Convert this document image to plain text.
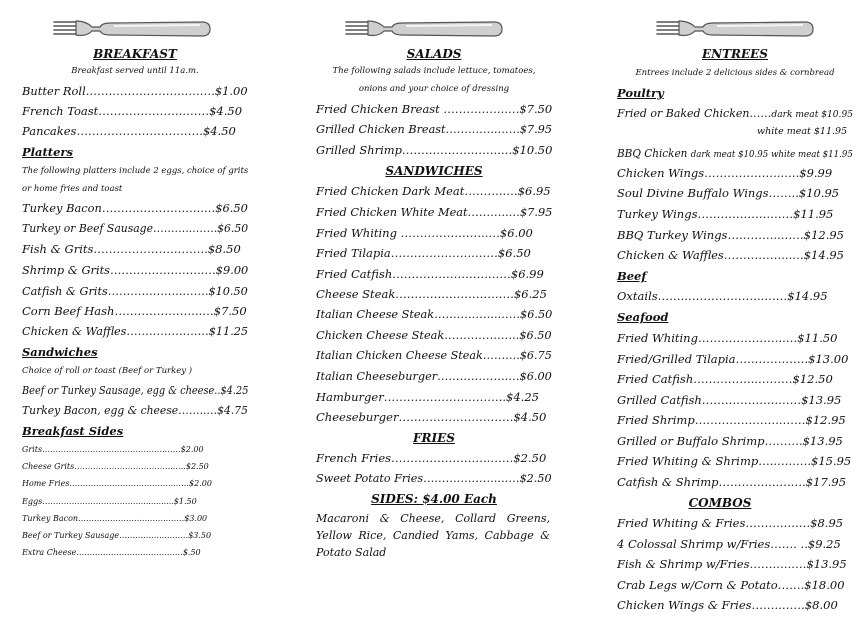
BREAKFAST
Breakfast served until 11a.m.
Butter Roll.……………………..…….$1.00
French Toast…………………..……$4.50
Pancakes……………………………$4.50
Platters
The following platters include 2 eggs, choice of grits
or home fries and toast
Turkey Bacon……….……………..…$6.50
Turkey or Beef Sausage………..…….$6.50
Fish & Grits………………….……..$8.50
Shrimp & Grits…………………….…$9.00
Catfish & Grits………………..…….$10.50
Corn Beef Hash…………………..…$7.50
Chicken & Waffles……………….…$11.25
Sandwiches
Choice of roll or toast (Beef or Turkey )
Beef or Turkey Sausage, egg & cheese..$4.25
Turkey Bacon, egg & cheese……..…$4.75
Breakfast Sides
Grits……………………………………….……$2.00
Cheese Grits………………………………..….$2.50
Home Fries……………………….………..……$2.00
Eggs………………………………..............$1.50
Turkey Bacon……………………..……..……$3.00
Beef or Turkey Sausage……………..………$3.50
Extra Cheese……………………….…………$.50
SALADS
The following salads include lettuce, tomatoes,
onions and your choice of dressing
Fried Chicken Breast ……………..…$7.50
Grilled Chicken Breast…………..……$7.95
Grilled Shrimp……………………..…$10.50
SANDWICHES
Fried Chicken Dark Meat………..…$6.95
Fried Chicken White Meat………..…$7.95
Fried Whiting …………………..…$6.00
Fried Tilapia………………….……$6.50
Fried Catfish…………………….……$6.99
Cheese Steak……………………….…$6.25
Italian Cheese Steak……………..……$6.50
Chicken Cheese Steak………………..$6.50
Italian Chicken Cheese Steak……….$6.75
Italian Cheeseburger……………….…$6.00
Hamburger…………………………..$4.25
Cheeseburger…………………………$4.50
FRIES
French Fries……………………..……$2.50
Sweet Potato Fries………………..……$2.50
SIDES: $4.00 Each
Macaroni & Cheese, Collard Greens, Yellow Rice, Candied Yams, Cabbage & Potato Salad
ENTREES
Entrees include 2 delicious sides & cornbread
Poultry
Fried or Baked Chicken……dark meat $10.95
white meat $11.95
BBQ Chicken dark meat $10.95 white meat $11.95
Chicken Wings………………...….$9.99
Soul Divine Buffalo Wings……..$10.95
Turkey Wings……………….……$11.95
BBQ Turkey Wings…………..……$12.95
Chicken & Waffles……………...…$14.95
Beef
Oxtails……..………………..……$14.95
Seafood
Fried Whiting…………………..…$11.50
Fried/Grilled Tilapia……………….$13.00
Fried Catfish……………..………$12.50
Grilled Catfish………………..……$13.95
Fried Shrimp…………………..……$12.95
Grilled or Buffalo Shrimp……….$13.95
Fried Whiting & Shrimp…..…..….$15.95
Catfish & Shrimp…………...….….$17.95
COMBOS
Fried Whiting & Fries……….…….$8.95
4 Colossal Shrimp w/Fries……. ..$9.25
Fish & Shrimp w/Fries…….…..…$13.95
Crab Legs w/Corn & Potato…….$18.00
Chicken Wings & Fries……..……$8.00
